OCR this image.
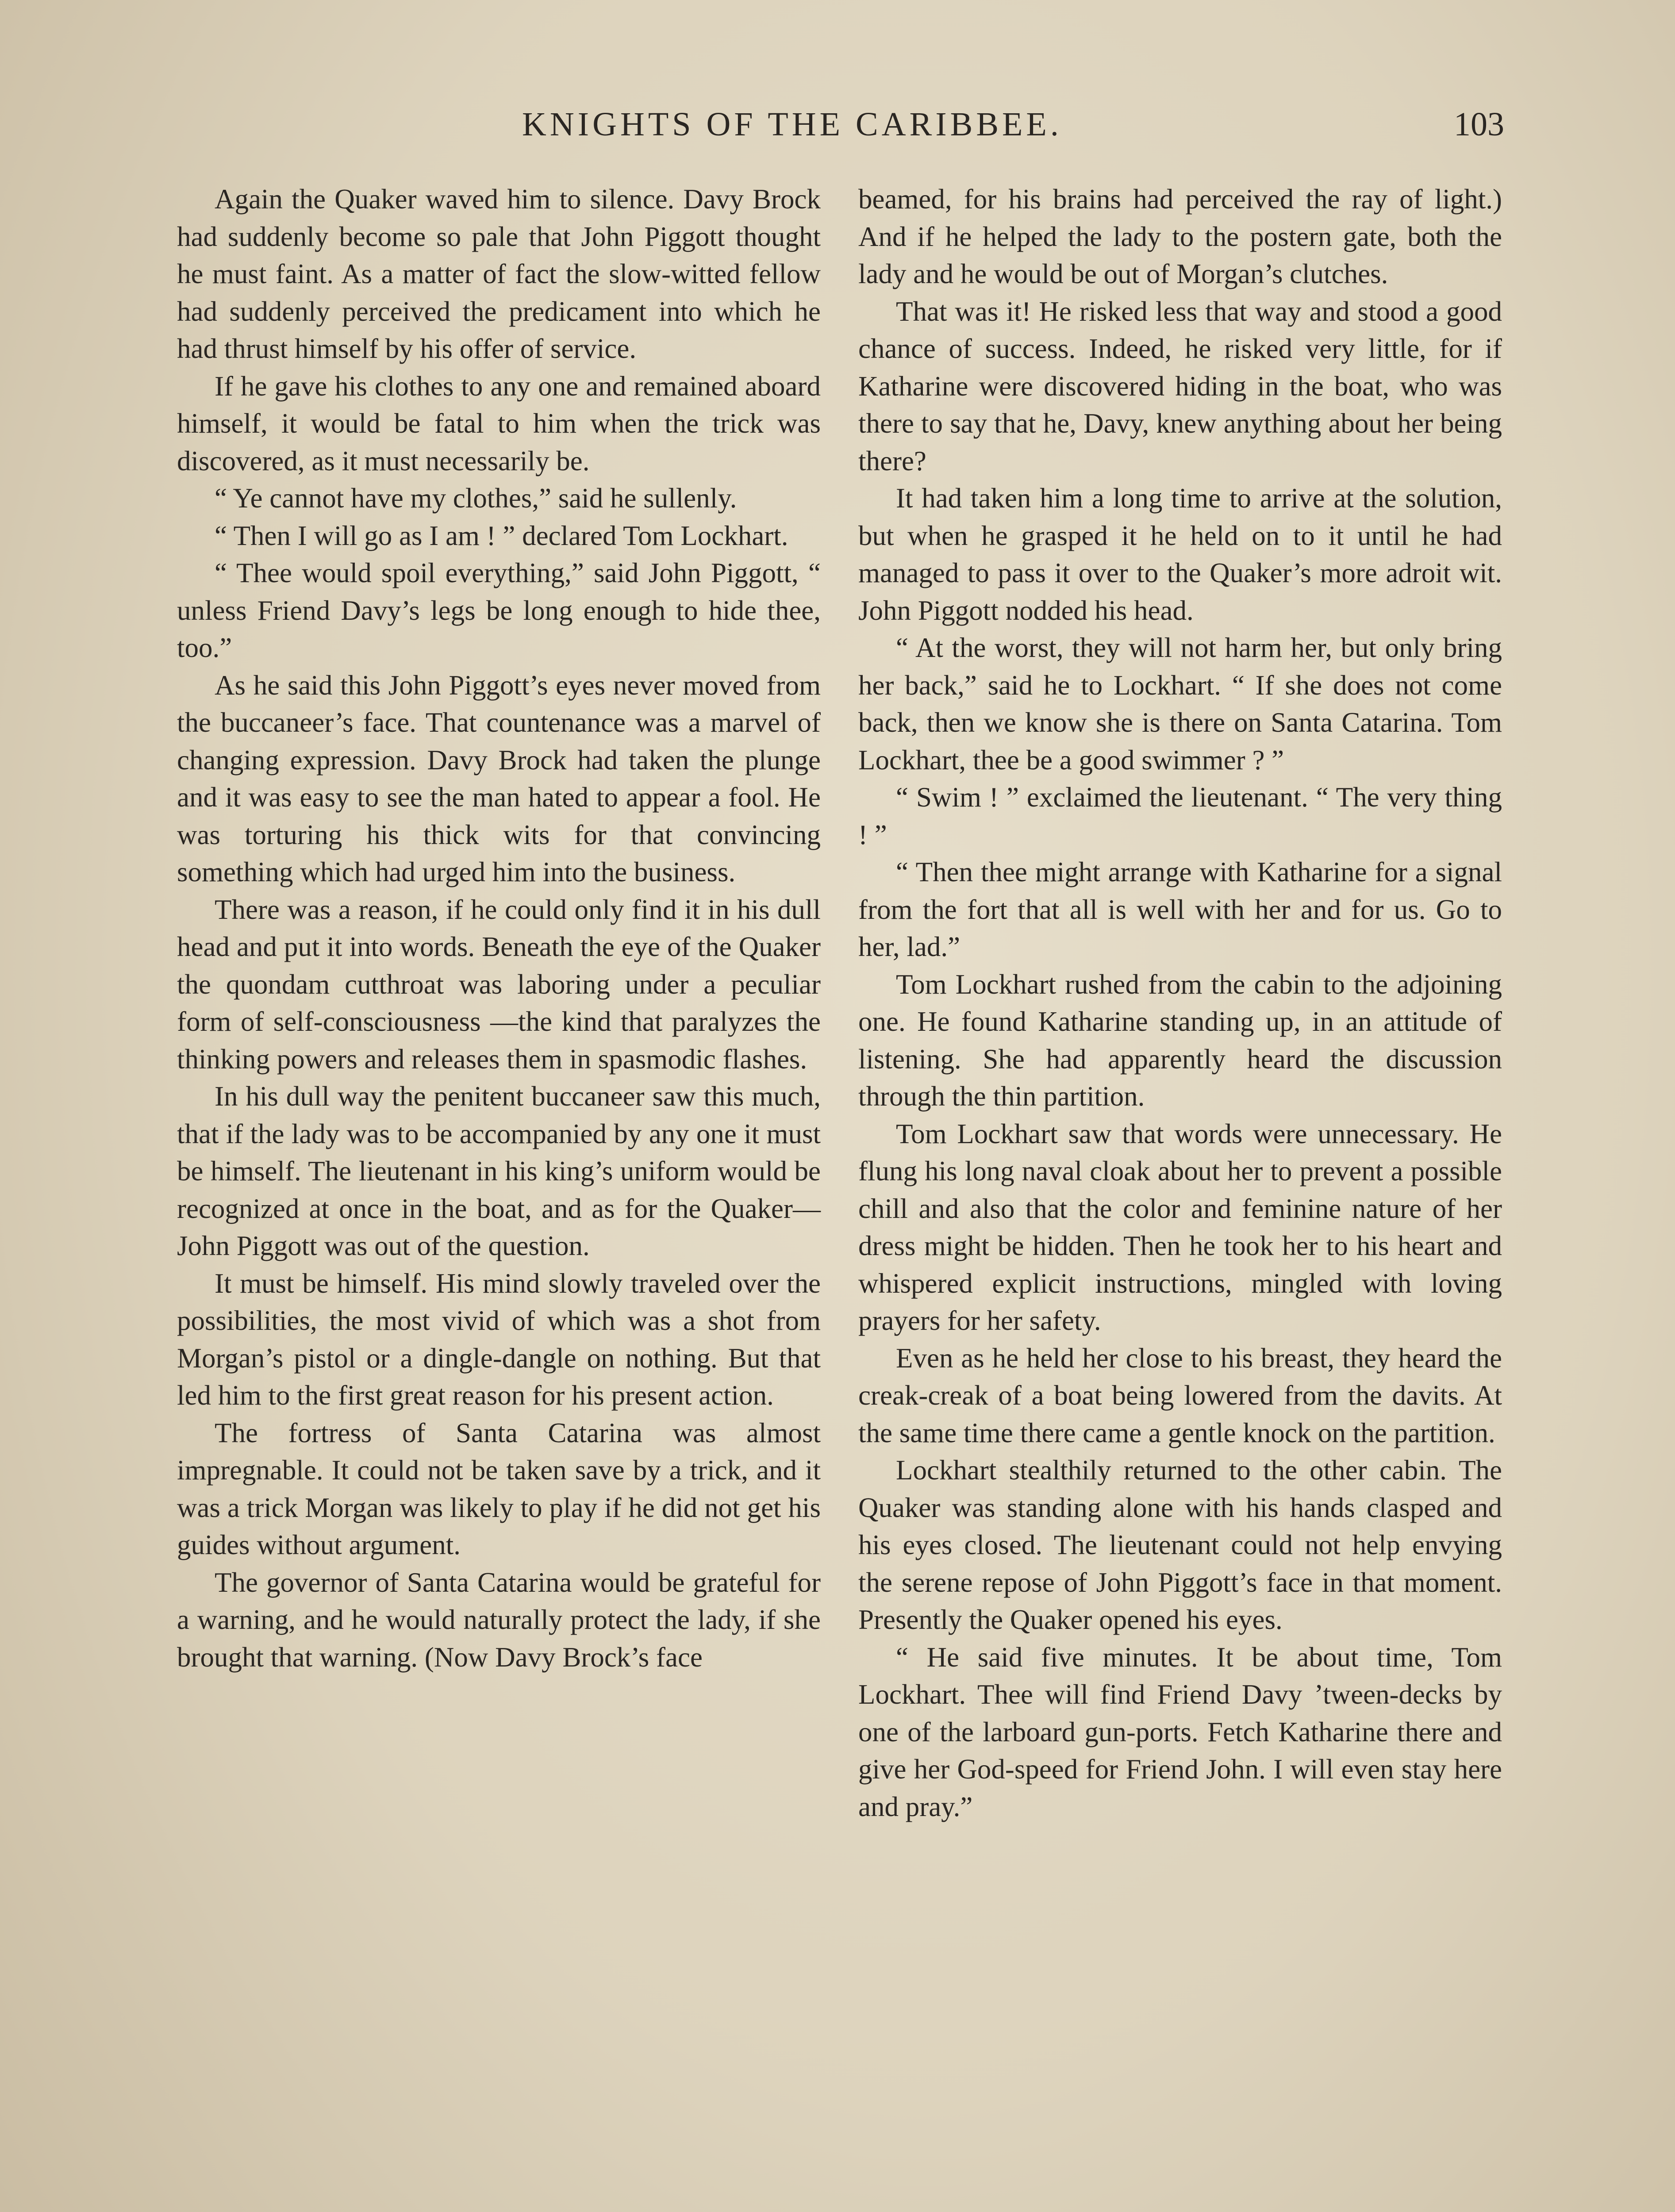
KNIGHTS OF THE CARIBBEE.	103

Again the Quaker waved him to silence. Davy Brock had suddenly become so pale that John Piggott thought he must faint. As a matter of fact the slow-witted fellow had suddenly perceived the predicament into which he had thrust himself by his offer of service.

If he gave his clothes to any one and remained aboard himself, it would be fatal to him when the trick was discovered, as it must necessarily be.

“ Ye cannot have my clothes,” said he sullenly.

“ Then I will go as I am ! ” declared Tom Lockhart.

“ Thee would spoil everything,” said John Piggott, “ unless Friend Davy’s legs be long enough to hide thee, too.”

As he said this John Piggott’s eyes never moved from the buccaneer’s face. That countenance was a marvel of changing expression. Davy Brock had taken the plunge and it was easy to see the man hated to appear a fool. He was torturing his thick wits for that convincing something which had urged him into the business.

There was a reason, if he could only find it in his dull head and put it into words. Beneath the eye of the Quaker the quondam cutthroat was laboring under a peculiar form of self-consciousness —the kind that paralyzes the thinking powers and releases them in spasmodic flashes.

In his dull way the penitent buccaneer saw this much, that if the lady was to be accompanied by any one it must be himself. The lieutenant in his king’s uniform would be recognized at once in the boat, and as for the Quaker—John Piggott was out of the question.

It must be himself. His mind slowly traveled over the possibilities, the most vivid of which was a shot from Morgan’s pistol or a dingle-dangle on nothing. But that led him to the first great reason for his present action.

The fortress of Santa Catarina was almost impregnable. It could not be taken save by a trick, and it was a trick Morgan was likely to play if he did not get his guides without argument.

The governor of Santa Catarina would be grateful for a warning, and he would naturally protect the lady, if she brought that warning. (Now Davy Brock’s face

beamed, for his brains had perceived the ray of light.) And if he helped the lady to the postern gate, both the lady and he would be out of Morgan’s clutches.

That was it! He risked less that way and stood a good chance of success. Indeed, he risked very little, for if Katharine were discovered hiding in the boat, who was there to say that he, Davy, knew anything about her being there?

It had taken him a long time to arrive at the solution, but when he grasped it he held on to it until he had managed to pass it over to the Quaker’s more adroit wit. John Piggott nodded his head.

“ At the worst, they will not harm her, but only bring her back,” said he to Lockhart. “ If she does not come back, then we know she is there on Santa Catarina. Tom Lockhart, thee be a good swimmer ? ”

“ Swim ! ” exclaimed the lieutenant. “ The very thing ! ”

“ Then thee might arrange with Katharine for a signal from the fort that all is well with her and for us. Go to her, lad.”

Tom Lockhart rushed from the cabin to the adjoining one. He found Katharine standing up, in an attitude of listening. She had apparently heard the discussion through the thin partition.

Tom Lockhart saw that words were unnecessary. He flung his long naval cloak about her to prevent a possible chill and also that the color and feminine nature of her dress might be hidden. Then he took her to his heart and whispered explicit instructions, mingled with loving prayers for her safety.

Even as he held her close to his breast, they heard the creak-creak of a boat being lowered from the davits. At the same time there came a gentle knock on the partition.

Lockhart stealthily returned to the other cabin. The Quaker was standing alone with his hands clasped and his eyes closed. The lieutenant could not help envying the serene repose of John Piggott’s face in that moment. Presently the Quaker opened his eyes.

“ He said five minutes. It be about time, Tom Lockhart. Thee will find Friend Davy ’tween-decks by one of the larboard gun-ports. Fetch Katharine there and give her God-speed for Friend John. I will even stay here and pray.”
